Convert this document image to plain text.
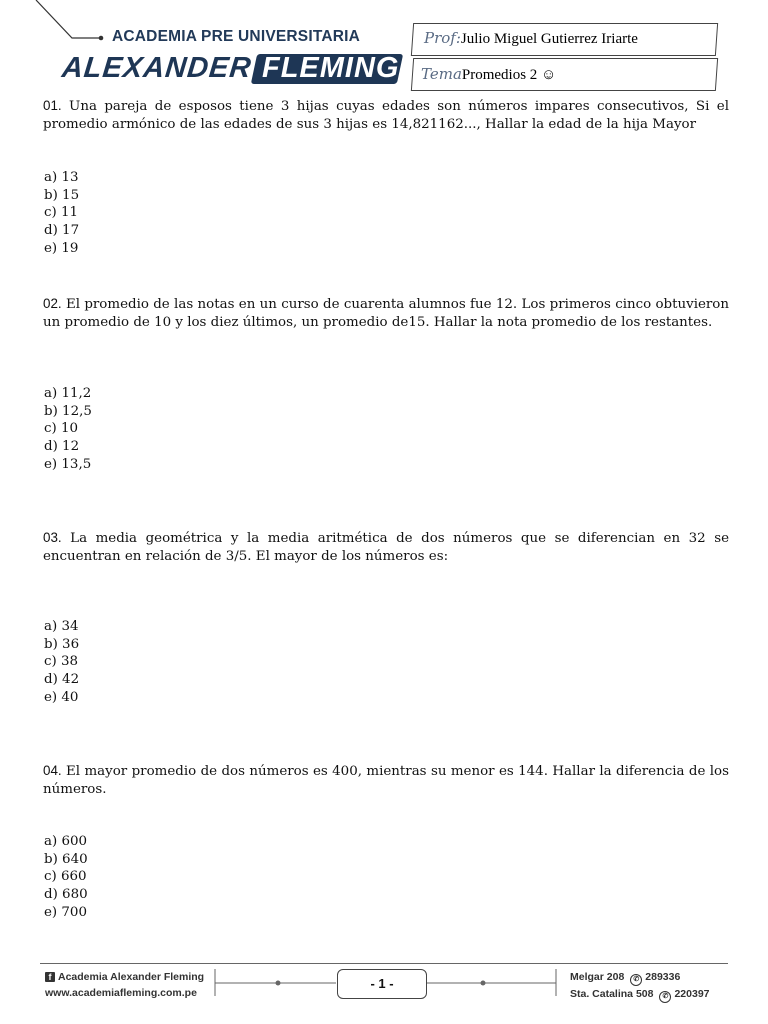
ACADEMIA PRE UNIVERSITARIA
ALEXANDER FLEMING
Prof:Julio Miguel Gutierrez Iriarte
TemaPromedios 2 ☺
01. Una pareja de esposos tiene 3 hijas cuyas edades son números impares consecutivos, Si el promedio armónico de las edades de sus 3 hijas es 14,821162..., Hallar la edad de la hija Mayor
a) 13
b) 15
c) 11
d) 17
e) 19
02. El promedio de las notas en un curso de cuarenta alumnos fue 12. Los primeros cinco obtuvieron un promedio de 10 y los diez últimos, un promedio de15. Hallar la nota promedio de los restantes.
a) 11,2
b) 12,5
c) 10
d) 12
e) 13,5
03. La media geométrica y la media aritmética de dos números que se diferencian en 32 se encuentran en relación de 3/5. El mayor de los números es:
a) 34
b) 36
c) 38
d) 42
e) 40
04. El mayor promedio de dos números es 400, mientras su menor es 144. Hallar la diferencia de los números.
a) 600
b) 640
c) 660
d) 680
e) 700
f Academia Alexander Fleming
www.academiafleming.com.pe
- 1 -	Melgar 208 ✆ 289336
Sta. Catalina 508 ✆ 220397
